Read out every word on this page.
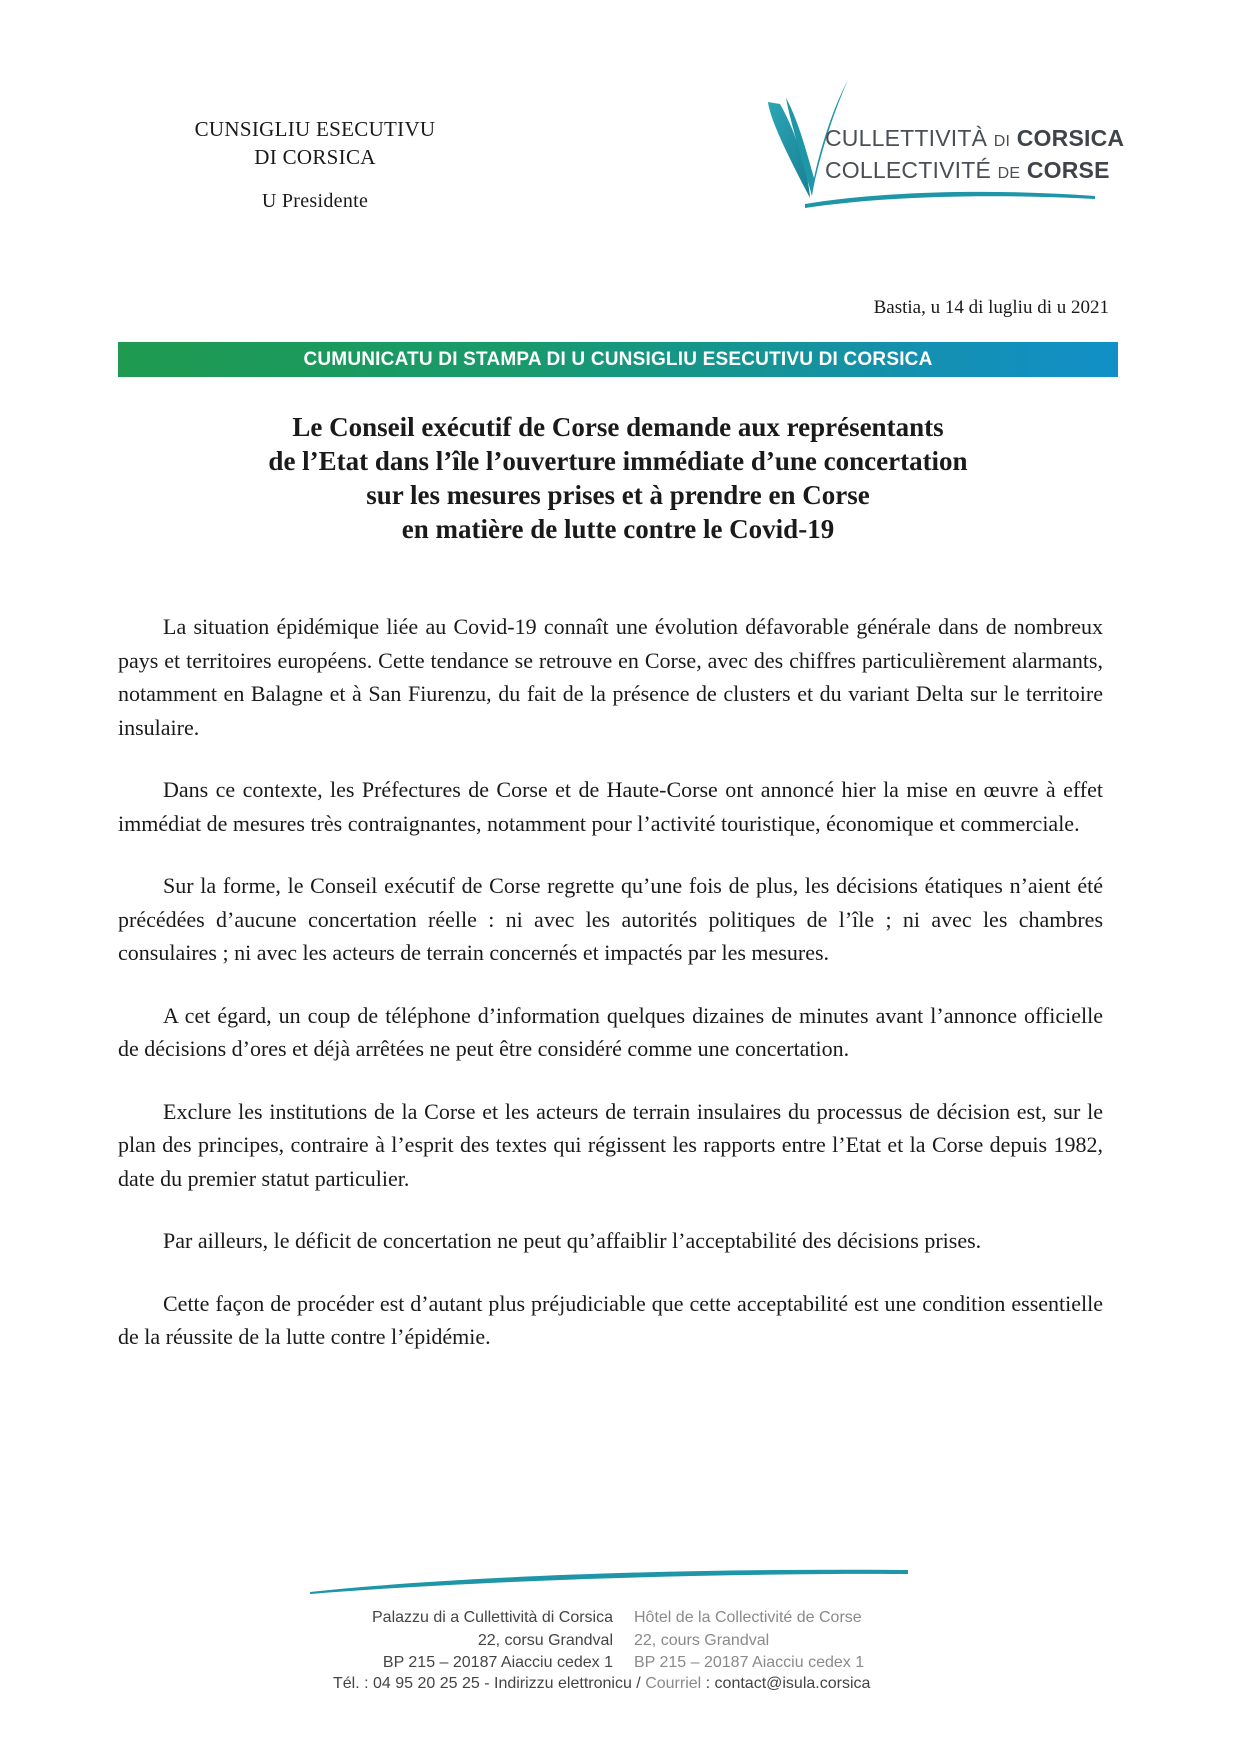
CUNSIGLIU ESECUTIVU
DI CORSICA
U Presidente
CULLETTIVITÀ DI CORSICA
COLLECTIVITÉ DE CORSE
Bastia, u 14 di lugliu di u 2021
CUMUNICATU DI STAMPA DI U CUNSIGLIU ESECUTIVU DI CORSICA
Le Conseil exécutif de Corse demande aux représentants
de l’Etat dans l’île l’ouverture immédiate d’une concertation
sur les mesures prises et à prendre en Corse
en matière de lutte contre le Covid-19

La situation épidémique liée au Covid-19 connaît une évolution défavorable générale dans de nombreux pays et territoires européens. Cette tendance se retrouve en Corse, avec des chiffres particulièrement alarmants, notamment en Balagne et à San Fiurenzu, du fait de la présence de clusters et du variant Delta sur le territoire insulaire.

Dans ce contexte, les Préfectures de Corse et de Haute-Corse ont annoncé hier la mise en œuvre à effet immédiat de mesures très contraignantes, notamment pour l’activité touristique, économique et commerciale.

Sur la forme, le Conseil exécutif de Corse regrette qu’une fois de plus, les décisions étatiques n’aient été précédées d’aucune concertation réelle : ni avec les autorités politiques de l’île ; ni avec les chambres consulaires ; ni avec les acteurs de terrain concernés et impactés par les mesures.

A cet égard, un coup de téléphone d’information quelques dizaines de minutes avant l’annonce officielle de décisions d’ores et déjà arrêtées ne peut être considéré comme une concertation.

Exclure les institutions de la Corse et les acteurs de terrain insulaires du processus de décision est, sur le plan des principes, contraire à l’esprit des textes qui régissent les rapports entre l’Etat et la Corse depuis 1982, date du premier statut particulier.

Par ailleurs, le déficit de concertation ne peut qu’affaiblir l’acceptabilité des décisions prises.

Cette façon de procéder est d’autant plus préjudiciable que cette acceptabilité est une condition essentielle de la réussite de la lutte contre l’épidémie.

Palazzu di a Cullettività di Corsica
22, corsu Grandval
BP 215 – 20187 Aiacciu cedex 1
Hôtel de la Collectivité de Corse
22, cours Grandval
BP 215 – 20187 Aiacciu cedex 1
Tél. : 04 95 20 25 25 - Indirizzu elettronicu / Courriel : contact@isula.corsica
